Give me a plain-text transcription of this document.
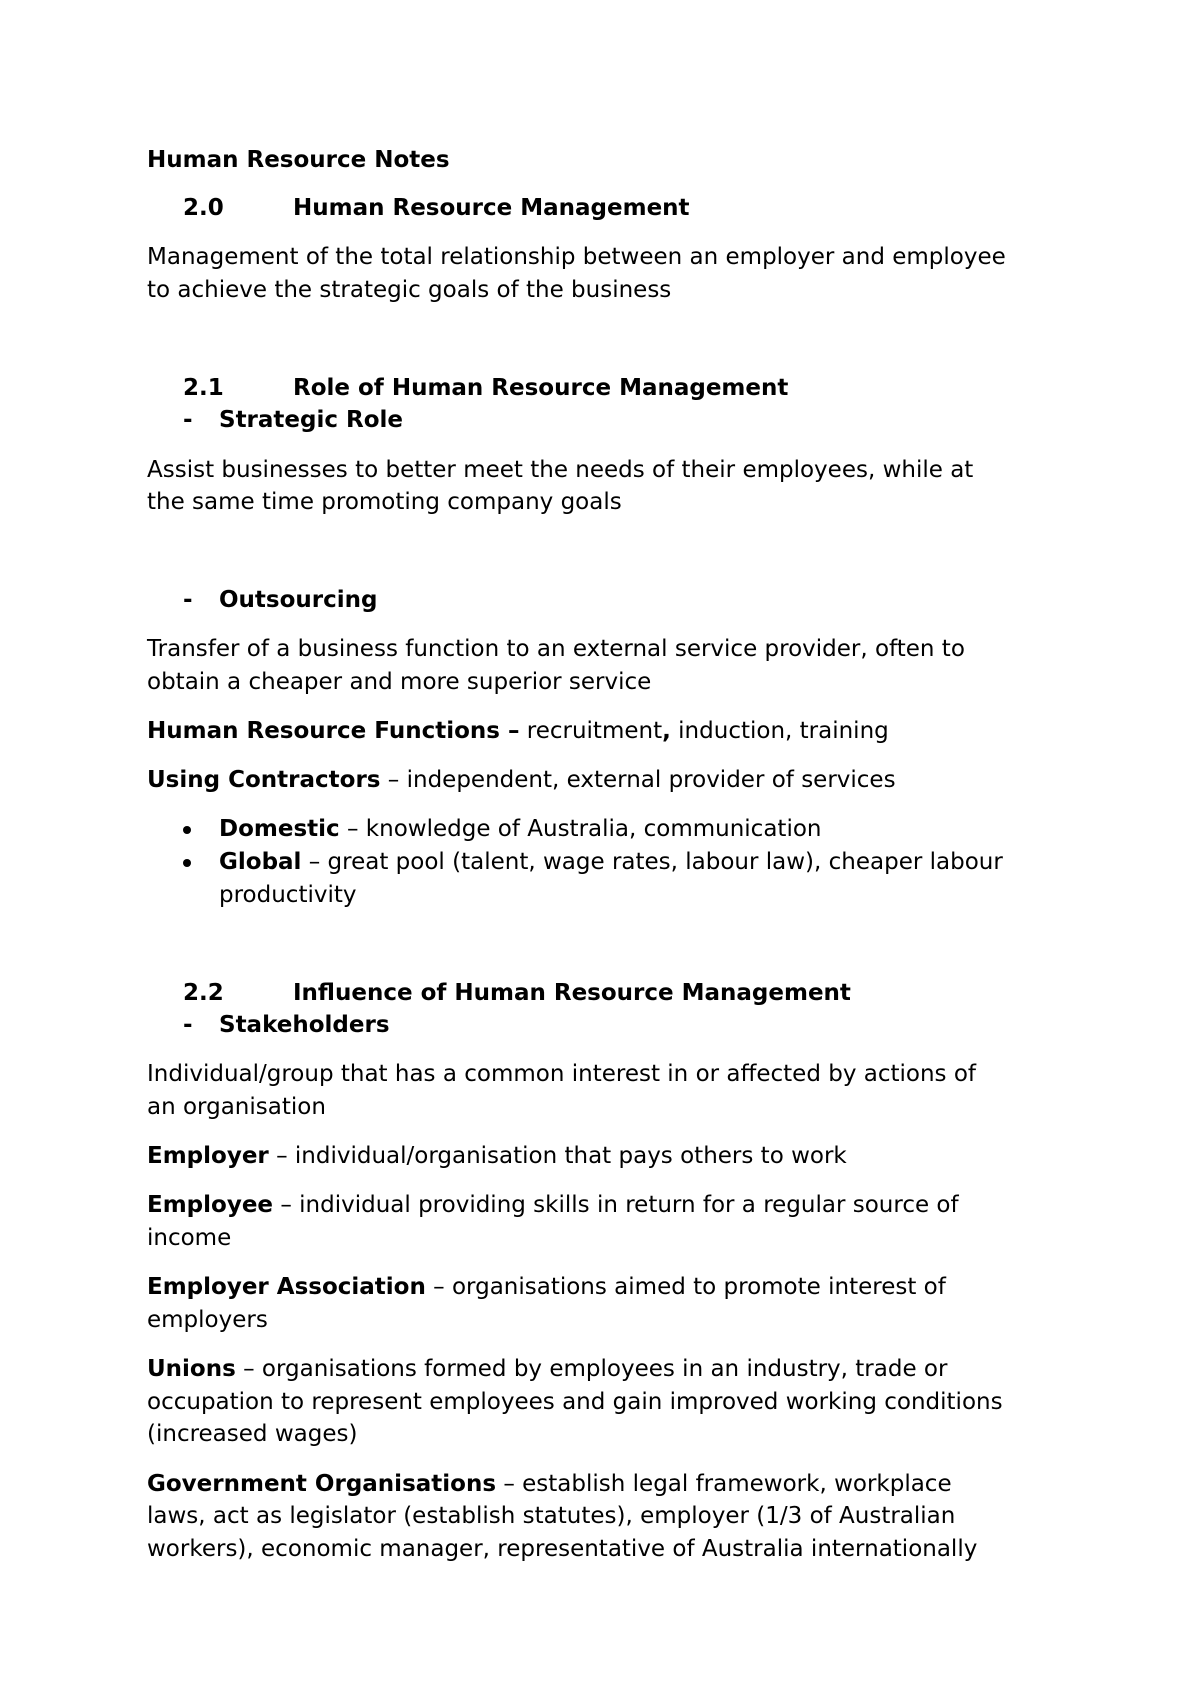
Human Resource Notes
2.0	Human Resource Management
Management of the total relationship between an employer and employee
to achieve the strategic goals of the business
2.1	Role of Human Resource Management
- Strategic Role
Assist businesses to better meet the needs of their employees, while at
the same time promoting company goals
- Outsourcing
Transfer of a business function to an external service provider, often to
obtain a cheaper and more superior service
Human Resource Functions – recruitment, induction, training
Using Contractors – independent, external provider of services
Domestic – knowledge of Australia, communication
Global – great pool (talent, wage rates, labour law), cheaper labour
productivity
2.2	Influence of Human Resource Management
- Stakeholders
Individual/group that has a common interest in or affected by actions of
an organisation
Employer – individual/organisation that pays others to work
Employee – individual providing skills in return for a regular source of
income
Employer Association – organisations aimed to promote interest of
employers
Unions – organisations formed by employees in an industry, trade or
occupation to represent employees and gain improved working conditions
(increased wages)
Government Organisations – establish legal framework, workplace
laws, act as legislator (establish statutes), employer (1/3 of Australian
workers), economic manager, representative of Australia internationally
